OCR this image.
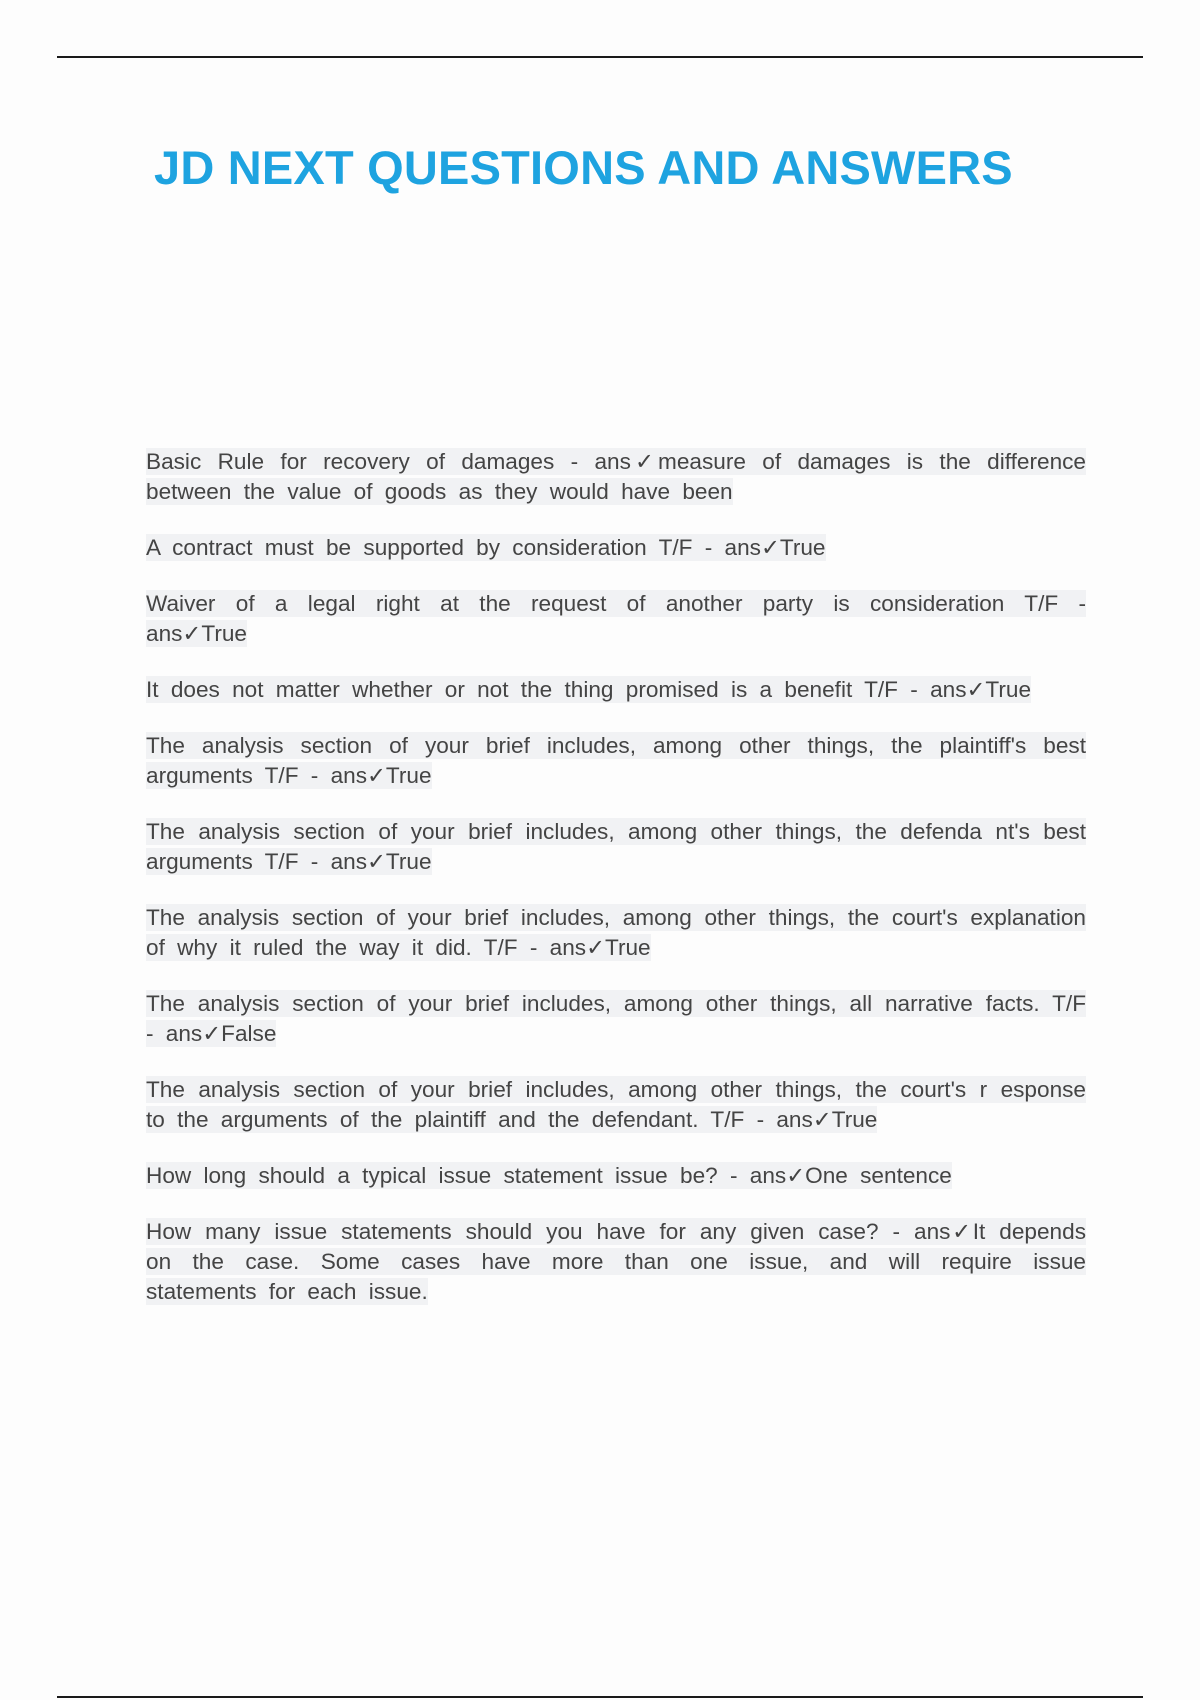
JD NEXT QUESTIONS AND ANSWERS

Basic Rule for recovery of damages - ans✓measure of damages is the difference between the value of goods as they would have been

A contract must be supported by consideration T/F - ans✓True

Waiver of a legal right at the request of another party is consideration T/F - ans✓True

It does not matter whether or not the thing promised is a benefit T/F - ans✓True

The analysis section of your brief includes, among other things, the plaintiff's best arguments T/F - ans✓True

The analysis section of your brief includes, among other things, the defenda nt's best arguments T/F - ans✓True

The analysis section of your brief includes, among other things, the court's explanation of why it ruled the way it did. T/F - ans✓True

The analysis section of your brief includes, among other things, all narrative facts. T/F - ans✓False

The analysis section of your brief includes, among other things, the court's r esponse to the arguments of the plaintiff and the defendant. T/F - ans✓True

How long should a typical issue statement issue be? - ans✓One sentence

How many issue statements should you have for any given case? - ans✓It depends on the case. Some cases have more than one issue, and will require issue statements for each issue.
